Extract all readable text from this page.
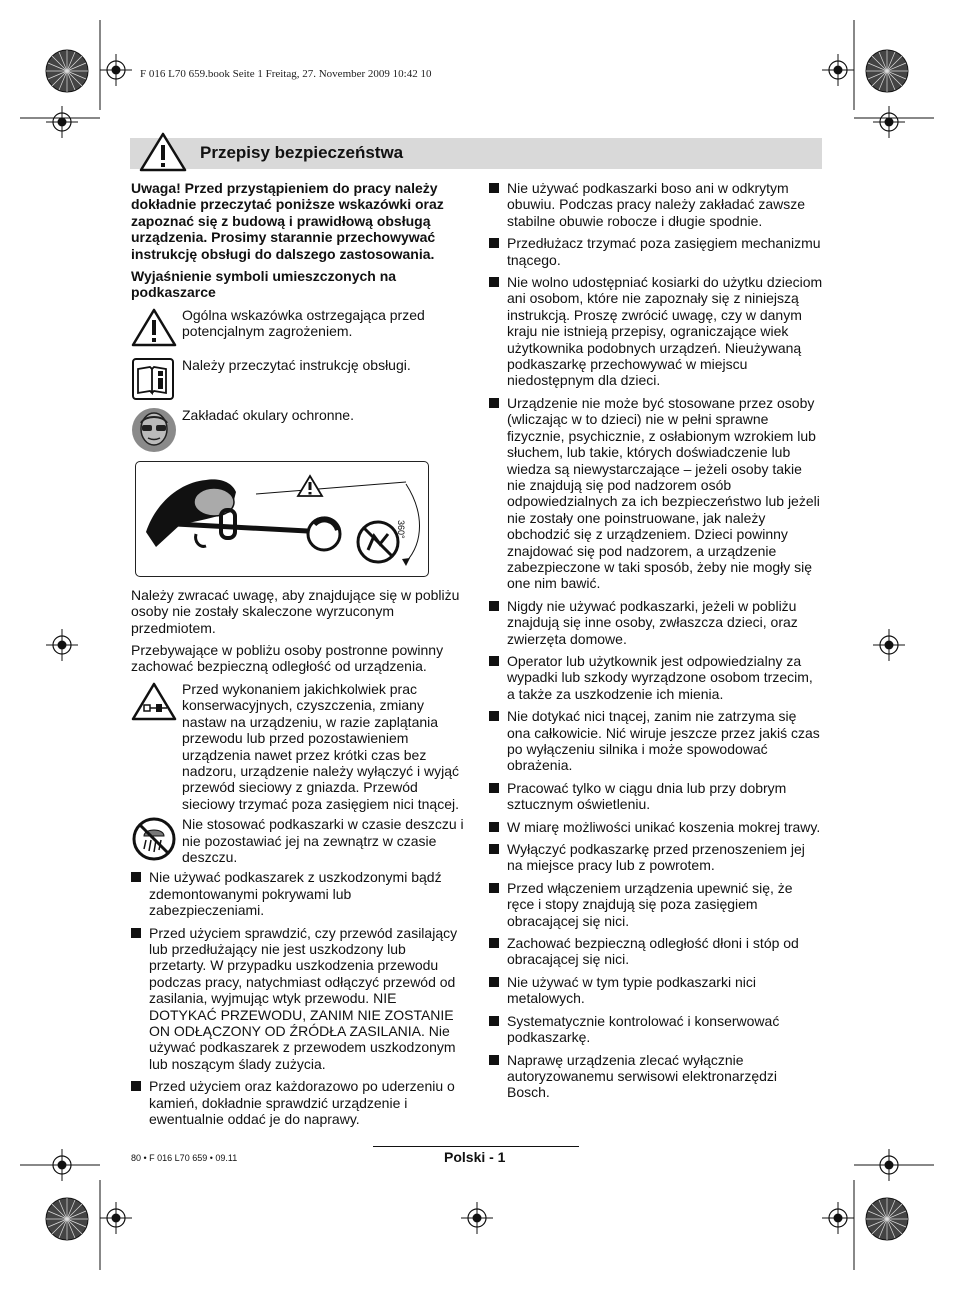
F 016 L70 659.book Seite 1 Freitag, 27. November 2009 10:42 10
Przepisy bezpieczeństwa

Uwaga! Przed przystąpieniem do pracy należy dokładnie przeczytać poniższe wskazówki oraz zapoznać się z budową i prawidłową obsługą urządzenia. Prosimy starannie przechowywać instrukcję obsługi do dalszego zastosowania.

Wyjaśnienie symboli umieszczonych na podkaszarce

Ogólna wskazówka ostrzegająca przed potencjalnym zagrożeniem.
Należy przeczytać instrukcję obsługi.
Zakładać okulary ochronne.
360°

Należy zwracać uwagę, aby znajdujące się w pobliżu osoby nie zostały skaleczone wyrzuconym przedmiotem.

Przebywające w pobliżu osoby postronne powinny zachować bezpieczną odległość od urządzenia.

Przed wykonaniem jakichkolwiek prac konserwacyjnych, czyszczenia, zmiany nastaw na urządzeniu, w razie zaplątania przewodu lub przed pozostawieniem urządzenia nawet przez krótki czas bez nadzoru, urządzenie należy wyłączyć i wyjąć przewód sieciowy z gniazda. Przewód sieciowy trzymać poza zasięgiem nici tnącej.
Nie stosować podkaszarki w czasie deszczu i nie pozostawiać jej na zewnątrz w czasie deszczu.
Nie używać podkaszarek z uszkodzonymi bądź zdemontowanymi pokrywami lub zabezpieczeniami.
Przed użyciem sprawdzić, czy przewód zasilający lub przedłużający nie jest uszkodzony lub przetarty. W przypadku uszkodzenia przewodu podczas pracy, natychmiast odłączyć przewód od zasilania, wyjmując wtyk przewodu. NIE DOTYKAĆ PRZEWODU, ZANIM NIE ZOSTANIE ON ODŁĄCZONY OD ŹRÓDŁA ZASILANIA. Nie używać podkaszarek z przewodem uszkodzonym lub noszącym ślady zużycia.
Przed użyciem oraz każdorazowo po uderzeniu o kamień, dokładnie sprawdzić urządzenie i ewentualnie oddać je do naprawy.
Nie używać podkaszarki boso ani w odkrytym obuwiu. Podczas pracy należy zakładać zawsze stabilne obuwie robocze i długie spodnie.
Przedłużacz trzymać poza zasięgiem mechanizmu tnącego.
Nie wolno udostępniać kosiarki do użytku dzieciom ani osobom, które nie zapoznały się z niniejszą instrukcją. Proszę zwrócić uwagę, czy w danym kraju nie istnieją przepisy, ograniczające wiek użytkownika podobnych urządzeń. Nieużywaną podkaszarkę przechowywać w miejscu niedostępnym dla dzieci.
Urządzenie nie może być stosowane przez osoby (wliczając w to dzieci) nie w pełni sprawne fizycznie, psychicznie, z osłabionym wzrokiem lub słuchem, lub takie, których doświadczenie lub wiedza są niewystarczające – jeżeli osoby takie nie znajdują się pod nadzorem osób odpowiedzialnych za ich bezpieczeństwo lub jeżeli nie zostały one poinstruowane, jak należy obchodzić się z urządzeniem. Dzieci powinny znajdować się pod nadzorem, a urządzenie zabezpieczone w taki sposób, żeby nie mogły się one nim bawić.
Nigdy nie używać podkaszarki, jeżeli w pobliżu znajdują się inne osoby, zwłaszcza dzieci, oraz zwierzęta domowe.
Operator lub użytkownik jest odpowiedzialny za wypadki lub szkody wyrządzone osobom trzecim, a także za uszkodzenie ich mienia.
Nie dotykać nici tnącej, zanim nie zatrzyma się ona całkowicie. Nić wiruje jeszcze przez jakiś czas po wyłączeniu silnika i może spowodować obrażenia.
Pracować tylko w ciągu dnia lub przy dobrym sztucznym oświetleniu.
W miarę możliwości unikać koszenia mokrej trawy.
Wyłączyć podkaszarkę przed przenoszeniem jej na miejsce pracy lub z powrotem.
Przed włączeniem urządzenia upewnić się, że ręce i stopy znajdują się poza zasięgiem obracającej się nici.
Zachować bezpieczną odległość dłoni i stóp od obracającej się nici.
Nie używać w tym typie podkaszarki nici metalowych.
Systematycznie kontrolować i konserwować podkaszarkę.
Naprawę urządzenia zlecać wyłącznie autoryzowanemu serwisowi elektronarzędzi Bosch.
80 • F 016 L70 659 • 09.11	Polski - 1
